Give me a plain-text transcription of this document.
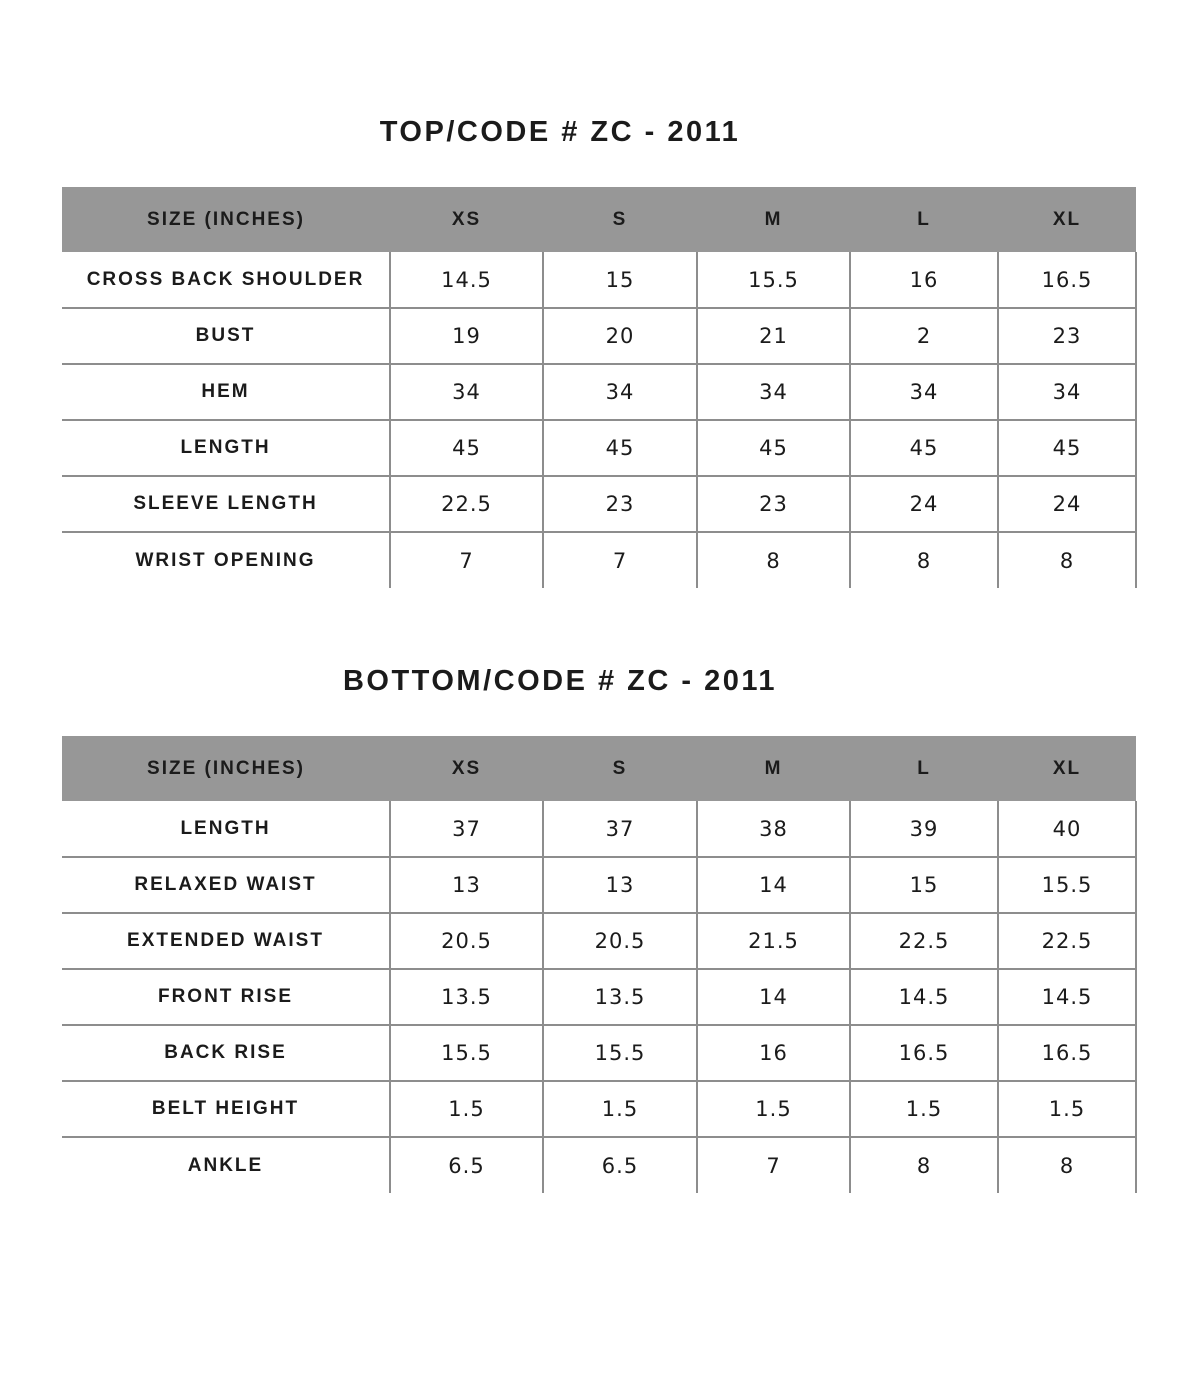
TOP/CODE # ZC - 2011
SIZE (INCHES)	XS	S	M	L	XL
CROSS BACK SHOULDER	14.5	15	15.5	16	16.5
BUST	19	20	21	2	23
HEM	34	34	34	34	34
LENGTH	45	45	45	45	45
SLEEVE LENGTH	22.5	23	23	24	24
WRIST OPENING	7	7	8	8	8
BOTTOM/CODE # ZC - 2011
SIZE (INCHES)	XS	S	M	L	XL
LENGTH	37	37	38	39	40
RELAXED WAIST	13	13	14	15	15.5
EXTENDED WAIST	20.5	20.5	21.5	22.5	22.5
FRONT RISE	13.5	13.5	14	14.5	14.5
BACK RISE	15.5	15.5	16	16.5	16.5
BELT HEIGHT	1.5	1.5	1.5	1.5	1.5
ANKLE	6.5	6.5	7	8	8
